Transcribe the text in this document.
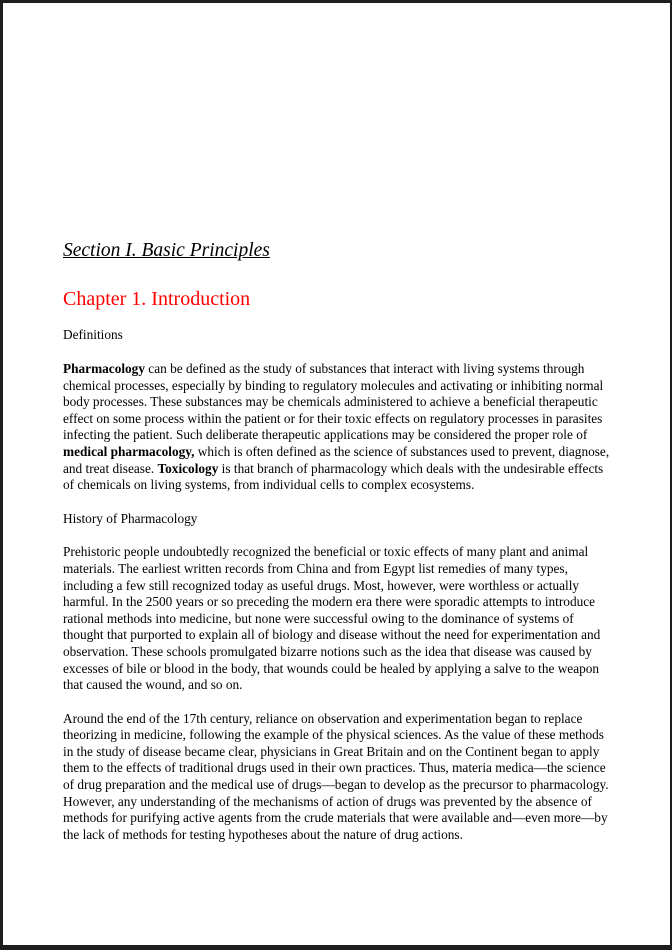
Section I. Basic Principles
Chapter 1. Introduction

Definitions

Pharmacology can be defined as the study of substances that interact with living systems through chemical processes, especially by binding to regulatory molecules and activating or inhibiting normal body processes. These substances may be chemicals administered to achieve a beneficial therapeutic effect on some process within the patient or for their toxic effects on regulatory processes in parasites infecting the patient. Such deliberate therapeutic applications may be considered the proper role of medical pharmacology, which is often defined as the science of substances used to prevent, diagnose, and treat disease. Toxicology is that branch of pharmacology which deals with the undesirable effects of chemicals on living systems, from individual cells to complex ecosystems.

History of Pharmacology

Prehistoric people undoubtedly recognized the beneficial or toxic effects of many plant and animal materials. The earliest written records from China and from Egypt list remedies of many types, including a few still recognized today as useful drugs. Most, however, were worthless or actually harmful. In the 2500 years or so preceding the modern era there were sporadic attempts to introduce rational methods into medicine, but none were successful owing to the dominance of systems of thought that purported to explain all of biology and disease without the need for experimentation and observation. These schools promulgated bizarre notions such as the idea that disease was caused by excesses of bile or blood in the body, that wounds could be healed by applying a salve to the weapon that caused the wound, and so on.

Around the end of the 17th century, reliance on observation and experimentation began to replace theorizing in medicine, following the example of the physical sciences. As the value of these methods in the study of disease became clear, physicians in Great Britain and on the Continent began to apply them to the effects of traditional drugs used in their own practices. Thus, materia medica—the science of drug preparation and the medical use of drugs—began to develop as the precursor to pharmacology. However, any understanding of the mechanisms of action of drugs was prevented by the absence of methods for purifying active agents from the crude materials that were available and—even more—by the lack of methods for testing hypotheses about the nature of drug actions.
